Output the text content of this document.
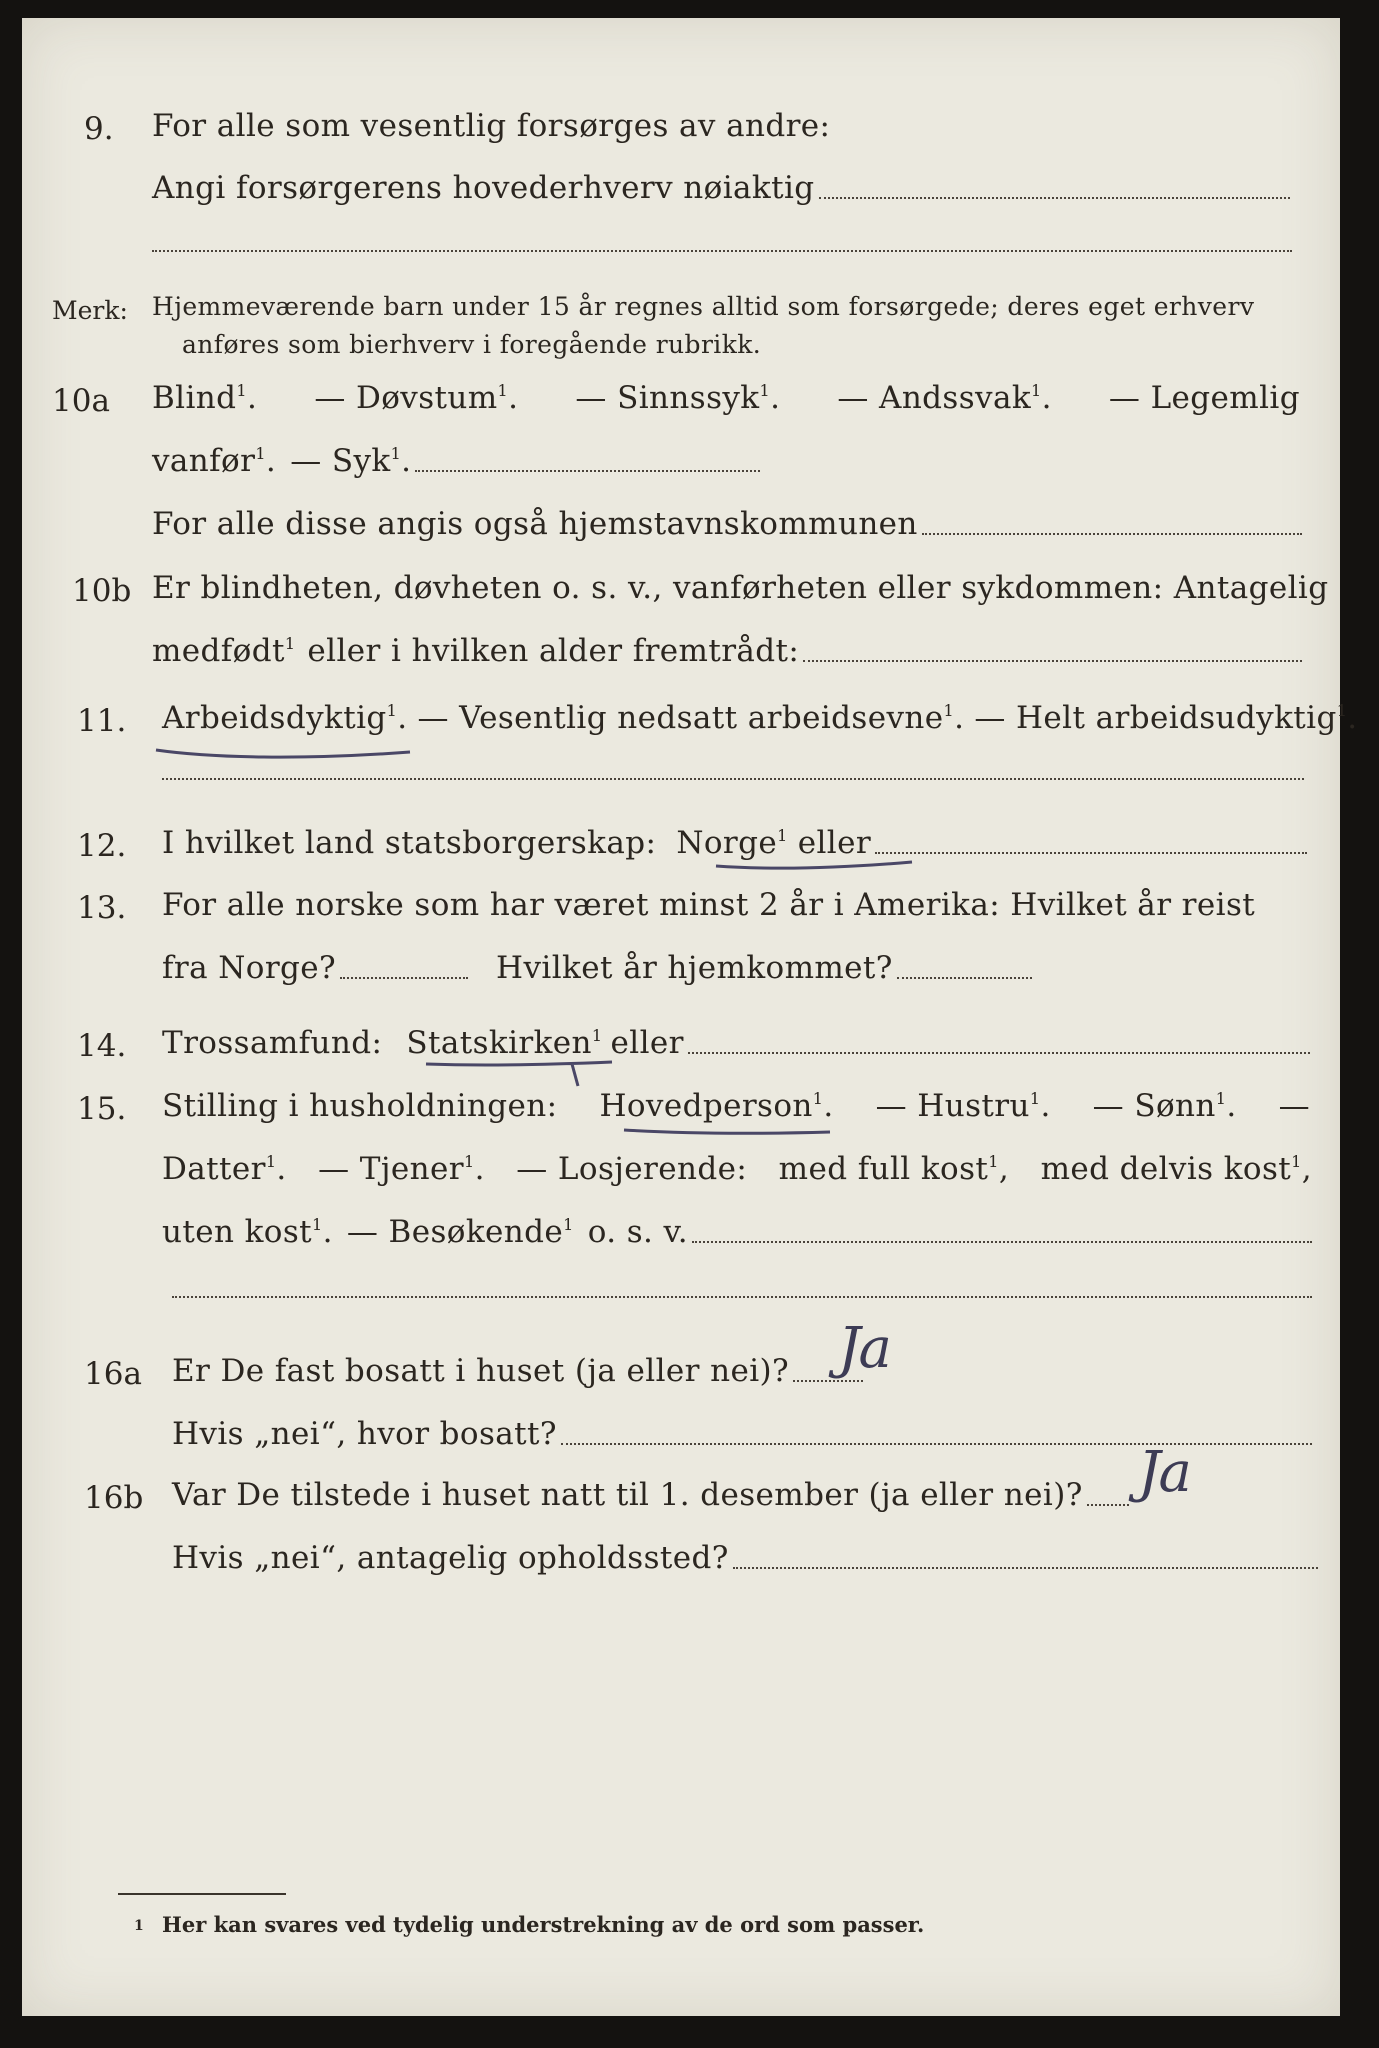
9. For alle som vesentlig forsørges av andre:
Angi forsørgerens hovederhverv nøiaktig
Merk: Hjemmeværende barn under 15 år regnes alltid som forsørgede; deres eget erhverv
anføres som bierhverv i foregående rubrikk.
10a Blind$^1$. — Døvstum$^1$. — Sinnssyk$^1$. — Andssvak$^1$. — Legemlig
vanfør$^1$. — Syk$^1$.
For alle disse angis også hjemstavnskommunen
10b Er blindheten, døvheten o. s. v., vanførheten eller sykdommen: Antagelig
medfødt$^1$ eller i hvilken alder fremtrådt:
11. Arbeidsdyktig$^1$. — Vesentlig nedsatt arbeidsevne$^1$. — Helt arbeidsudyktig$^1$.
12. I hvilket land statsborgerskap: Norge$^1$ eller
13. For alle norske som har været minst 2 år i Amerika: Hvilket år reist
fra Norge?	Hvilket år hjemkommet?
14. Trossamfund: Statskirken$^1$ eller
15. Stilling i husholdningen: Hovedperson$^1$. — Hustru$^1$. — Sønn$^1$. —
Datter$^1$. — Tjener$^1$. — Losjerende: med full kost$^1$, med delvis kost$^1$,
uten kost$^1$. — Besøkende$^1$ o. s. v.
16a Er De fast bosatt i huset (ja eller nei)? Ja
Hvis „nei“, hvor bosatt?
16b Var De tilstede i huset natt til 1. desember (ja eller nei)? Ja
Hvis „nei“, antagelig opholdssted?
1 Her kan svares ved tydelig understrekning av de ord som passer.
